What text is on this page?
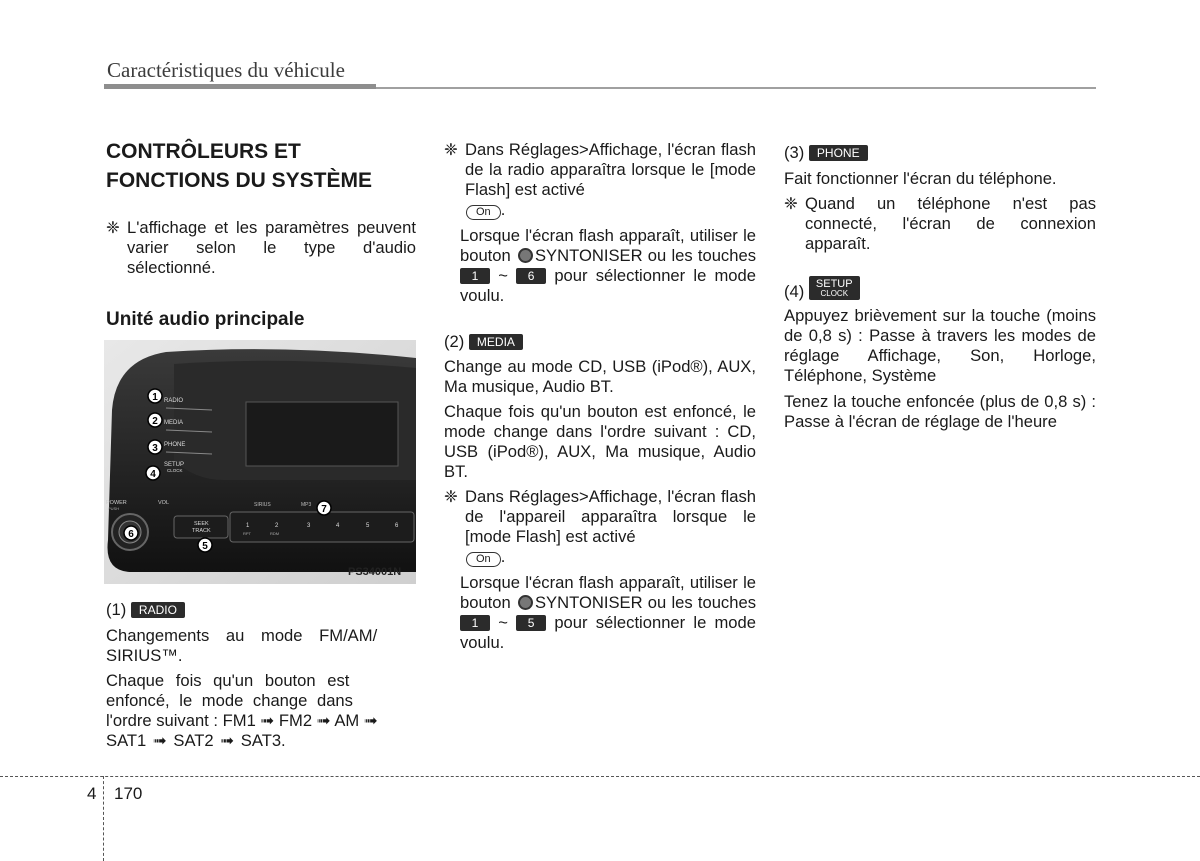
Caractéristiques du véhicule
CONTRÔLEURS ET
FONCTIONS DU SYSTÈME

❈ L'affichage et les paramètres peuvent varier selon le type d'audio sélectionné.

Unité audio principale
RADIO
MEDIA
PHONE
SETUP
CLOCK
POWER
PUSH
VOL	SIRIUS	MP3
SEEK
TRACK
1	2	3	4	5	6
RPT	RDM
1
2
3
4
5
6
7
PS34001N

(1) RADIO

Changements au mode FM/AM/
SIRIUS™.

Chaque fois qu'un bouton est
enfoncé, le mode change dans
l'ordre suivant : FM1 ➟ FM2 ➟ AM ➟
SAT1 ➟ SAT2 ➟ SAT3.

❈ Dans Réglages>Affichage, l'écran flash de la radio apparaîtra lorsque le [mode Flash] est activé
On .

Lorsque l'écran flash apparaît, utiliser le bouton SYNTONISER ou les touches 1 ~ 6 pour sélectionner le mode voulu.

(2) MEDIA

Change au mode CD, USB (iPod®), AUX, Ma musique, Audio BT.

Chaque fois qu'un bouton est enfoncé, le mode change dans l'ordre suivant : CD, USB (iPod®), AUX, Ma musique, Audio BT.

❈ Dans Réglages>Affichage, l'écran flash de l'appareil apparaîtra lorsque le [mode Flash] est activé
On .

Lorsque l'écran flash apparaît, utiliser le bouton SYNTONISER ou les touches 1 ~ 5 pour sélectionner le mode voulu.

(3) PHONE

Fait fonctionner l'écran du téléphone.

❈ Quand un téléphone n'est pas connecté, l'écran de connexion apparaît.

(4) SETUP
CLOCK

Appuyez brièvement sur la touche (moins de 0,8 s) : Passe à travers les modes de réglage Affichage, Son, Horloge, Téléphone, Système

Tenez la touche enfoncée (plus de 0,8 s) : Passe à l'écran de réglage de l'heure

4 170
